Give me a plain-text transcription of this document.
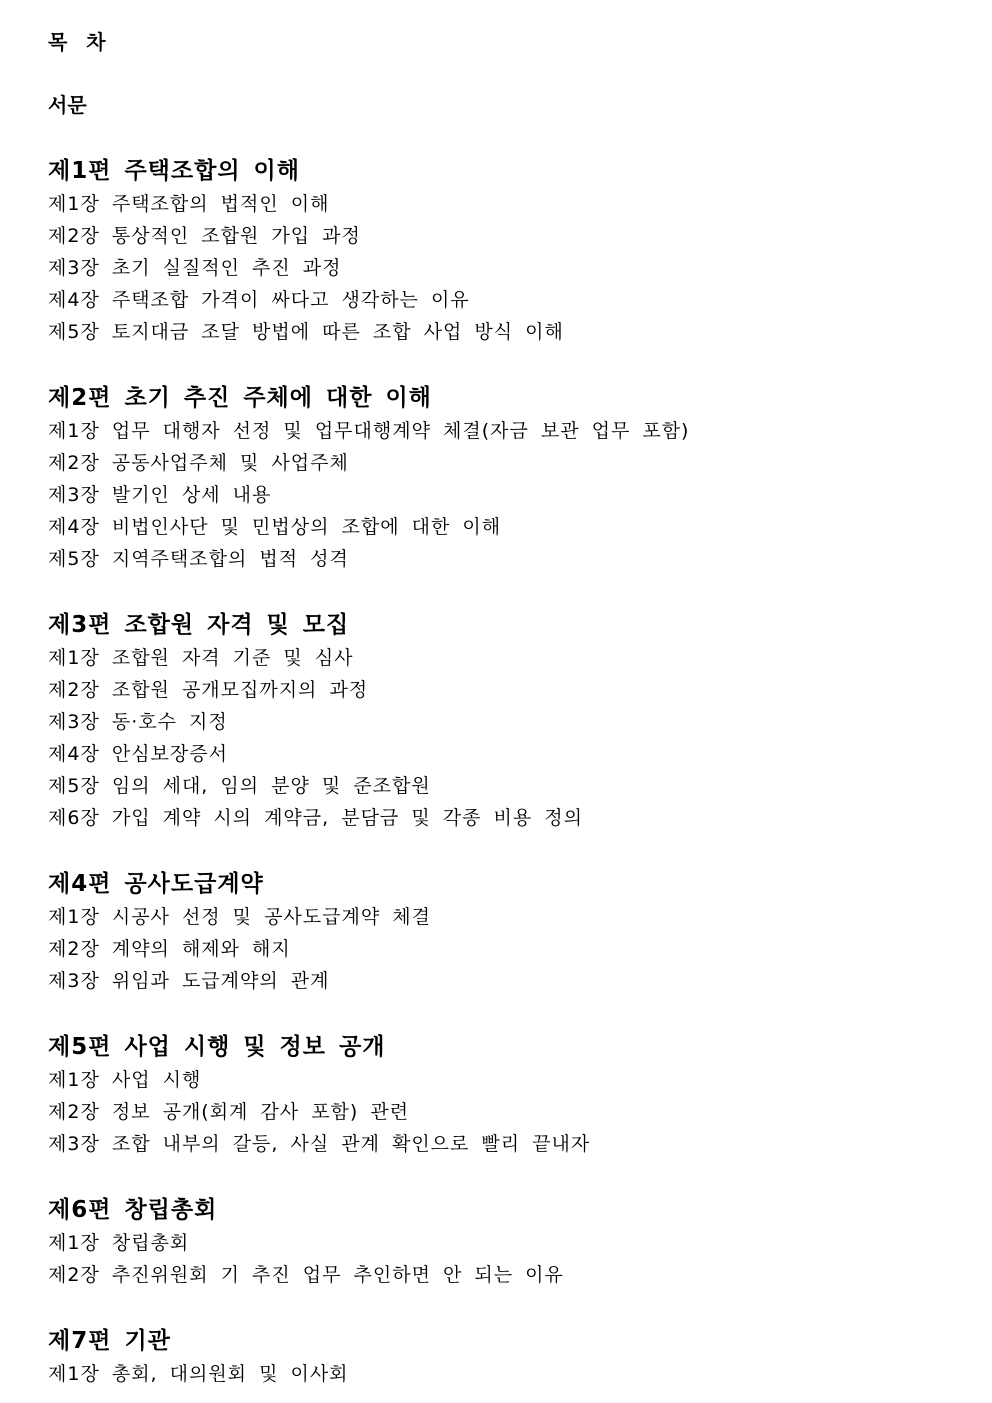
목 차
서문
제1편 주택조합의 이해
제1장 주택조합의 법적인 이해
제2장 통상적인 조합원 가입 과정
제3장 초기 실질적인 추진 과정
제4장 주택조합 가격이 싸다고 생각하는 이유
제5장 토지대금 조달 방법에 따른 조합 사업 방식 이해
제2편 초기 추진 주체에 대한 이해
제1장 업무 대행자 선정 및 업무대행계약 체결(자금 보관 업무 포함)
제2장 공동사업주체 및 사업주체
제3장 발기인 상세 내용
제4장 비법인사단 및 민법상의 조합에 대한 이해
제5장 지역주택조합의 법적 성격
제3편 조합원 자격 및 모집
제1장 조합원 자격 기준 및 심사
제2장 조합원 공개모집까지의 과정
제3장 동·호수 지정
제4장 안심보장증서
제5장 임의 세대, 임의 분양 및 준조합원
제6장 가입 계약 시의 계약금, 분담금 및 각종 비용 정의
제4편 공사도급계약
제1장 시공사 선정 및 공사도급계약 체결
제2장 계약의 해제와 해지
제3장 위임과 도급계약의 관계
제5편 사업 시행 및 정보 공개
제1장 사업 시행
제2장 정보 공개(회계 감사 포함) 관련
제3장 조합 내부의 갈등, 사실 관계 확인으로 빨리 끝내자
제6편 창립총회
제1장 창립총회
제2장 추진위원회 기 추진 업무 추인하면 안 되는 이유
제7편 기관
제1장 총회, 대의원회 및 이사회
